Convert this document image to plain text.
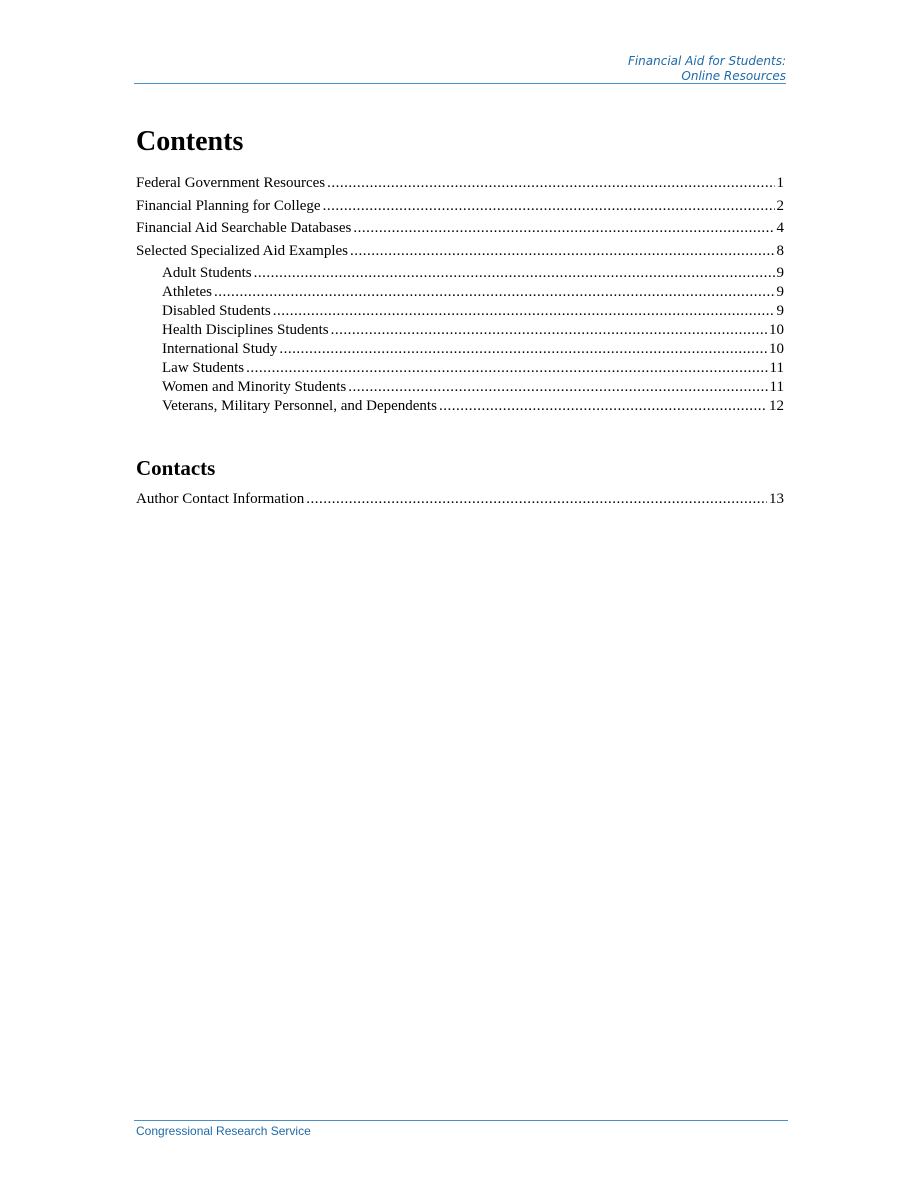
Financial Aid for Students:
Online Resources
Contents
Federal Government Resources .....	1
Financial Planning for College .....	2
Financial Aid Searchable Databases .....	4
Selected Specialized Aid Examples .....	8
Adult Students .....	9
Athletes .....	9
Disabled Students .....	9
Health Disciplines Students .....	10
International Study .....	10
Law Students .....	11
Women and Minority Students .....	11
Veterans, Military Personnel, and Dependents .....	12
Contacts
Author Contact Information .....	13
Congressional Research Service
